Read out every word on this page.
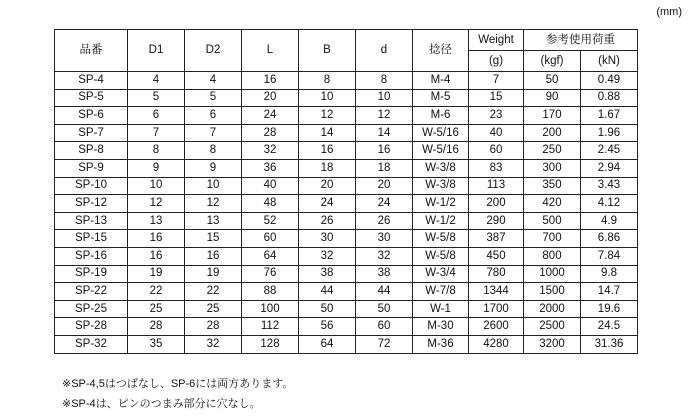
(mm)
品番	D1	D2	L	B	d	捻径	Weight	参考使用荷重	
							(g)	(kgf)	(kN)
SP-4	4	4	16	8	8	M-4	7	50	0.49
SP-5	5	5	20	10	10	M-5	15	90	0.88
SP-6	6	6	24	12	12	M-6	23	170	1.67
SP-7	7	7	28	14	14	W-5/16	40	200	1.96
SP-8	8	8	32	16	16	W-5/16	60	250	2.45
SP-9	9	9	36	18	18	W-3/8	83	300	2.94
SP-10	10	10	40	20	20	W-3/8	113	350	3.43
SP-12	12	12	48	24	24	W-1/2	200	420	4.12
SP-13	13	13	52	26	26	W-1/2	290	500	4.9
SP-15	16	15	60	30	30	W-5/8	387	700	6.86
SP-16	16	16	64	32	32	W-5/8	450	800	7.84
SP-19	19	19	76	38	38	W-3/4	780	1000	9.8
SP-22	22	22	88	44	44	W-7/8	1344	1500	14.7
SP-25	25	25	100	50	50	W-1	1700	2000	19.6
SP-28	28	28	112	56	60	M-30	2600	2500	24.5
SP-32	35	32	128	64	72	M-36	4280	3200	31.36
※SP-4,5はつばなし、SP-6には両方あります。
※SP-4は、ピンのつまみ部分に穴なし。
